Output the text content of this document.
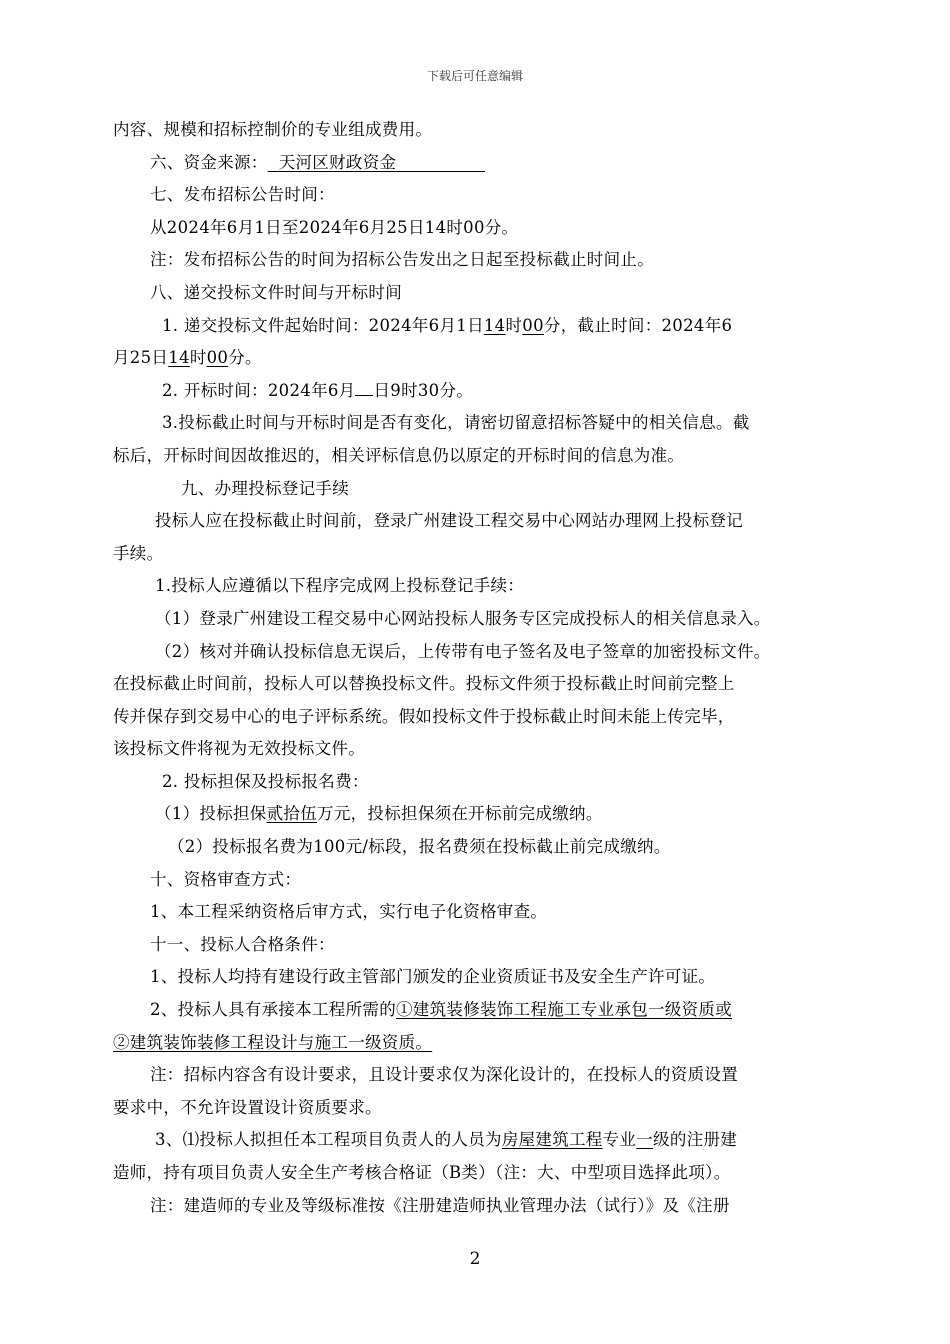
下载后可任意编辑
内容、规模和招标控制价的专业组成费用。
六、资金来源： 天河区财政资金
七、发布招标公告时间：
从2024年6月1日至2024年6月25日14时00分。
注：发布招标公告的时间为招标公告发出之日起至投标截止时间止。
八、递交投标文件时间与开标时间
1. 递交投标文件起始时间：2024年6月1日14时00分，截止时间：2024年6
月25日14时00分。
2. 开标时间：2024年6月 日9时30分。
3.投标截止时间与开标时间是否有变化，请密切留意招标答疑中的相关信息。截
标后，开标时间因故推迟的，相关评标信息仍以原定的开标时间的信息为准。
九、办理投标登记手续
投标人应在投标截止时间前，登录广州建设工程交易中心网站办理网上投标登记
手续。
1.投标人应遵循以下程序完成网上投标登记手续：
（1）登录广州建设工程交易中心网站投标人服务专区完成投标人的相关信息录入。
（2）核对并确认投标信息无误后，上传带有电子签名及电子签章的加密投标文件。
在投标截止时间前，投标人可以替换投标文件。投标文件须于投标截止时间前完整上
传并保存到交易中心的电子评标系统。假如投标文件于投标截止时间未能上传完毕，
该投标文件将视为无效投标文件。
2. 投标担保及投标报名费：
（1）投标担保贰拾伍万元，投标担保须在开标前完成缴纳。
（2）投标报名费为100元/标段，报名费须在投标截止前完成缴纳。
十、资格审查方式：
1、本工程采纳资格后审方式，实行电子化资格审查。
十一、投标人合格条件：
1、投标人均持有建设行政主管部门颁发的企业资质证书及安全生产许可证。
2、投标人具有承接本工程所需的①建筑装修装饰工程施工专业承包一级资质或
②建筑装饰装修工程设计与施工一级资质。
注：招标内容含有设计要求，且设计要求仅为深化设计的，在投标人的资质设置
要求中，不允许设置设计资质要求。
3、⑴投标人拟担任本工程项目负责人的人员为房屋建筑工程专业一级的注册建
造师，持有项目负责人安全生产考核合格证（B类）（注：大、中型项目选择此项）。
注：建造师的专业及等级标准按《注册建造师执业管理办法（试行）》及《注册
2
